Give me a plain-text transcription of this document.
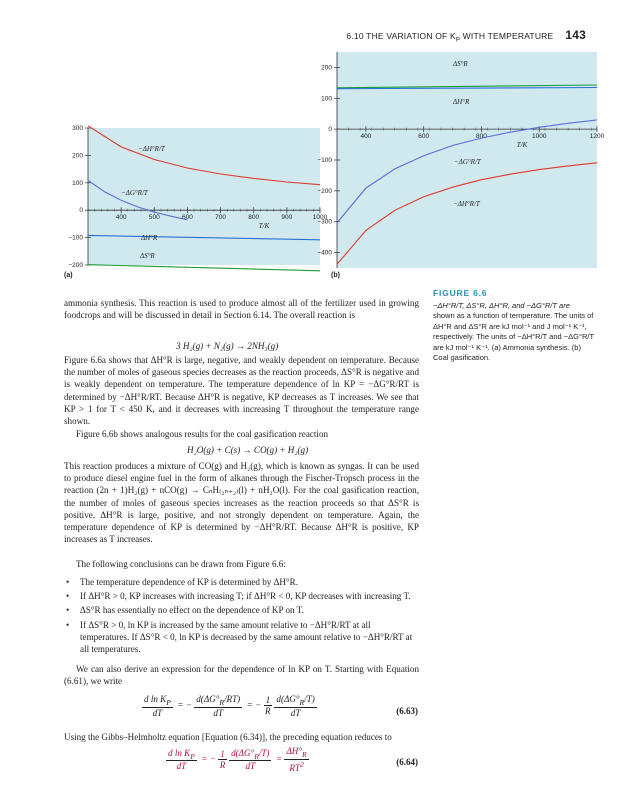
6.10 THE VARIATION OF $K_P$ WITH TEMPERATURE 143
300
200
100
0
−100
−200
400	500	600	700	800	900	1000
T/K
−ΔH°R/T
−ΔG°R/T
ΔH°R
ΔS°R
(a)
200
100
0
−100
−200
−300
−400
400	600	800	1000	1200
T/K
ΔS°R
ΔH°R
−ΔG°R/T
−ΔH°R/T
(b)
FIGURE 6.6
−ΔH°R/T, ΔS°R, ΔH°R, and −ΔG°R/T are
shown as a function of temperature. The units of ΔH°R and ΔS°R are kJ mol⁻¹ and J mol⁻¹ K⁻¹, respectively. The units of −ΔH°R/T and −ΔG°R/T are kJ mol⁻¹ K⁻¹. (a) Ammonia synthesis. (b) Coal gasification.

ammonia synthesis. This reaction is used to produce almost all of the fertilizer used in growing foodcrops and will be discussed in detail in Section 6.14. The overall reaction is

3 H₂(g) + N₂(g) → 2NH₃(g)

Figure 6.6a shows that ΔH°R is large, negative, and weakly dependent on temperature. Because the number of moles of gaseous species decreases as the reaction proceeds, ΔS°R is negative and is weakly dependent on temperature. The temperature dependence of ln KP = −ΔG°R/RT is determined by −ΔH°R/RT. Because ΔH°R is negative, KP decreases as T increases. We see that KP > 1 for T < 450 K, and it decreases with increasing T throughout the temperature range shown.

Figure 6.6b shows analogous results for the coal gasification reaction

H₂O(g) + C(s) → CO(g) + H₂(g)

This reaction produces a mixture of CO(g) and H₂(g), which is known as syngas. It can be used to produce diesel engine fuel in the form of alkanes through the Fischer-Tropsch process in the reaction (2n + 1)H₂(g) + nCO(g) → CₙH₍₂ₙ₊₂₎(l) + nH₂O(l). For the coal gasification reaction, the number of moles of gaseous species increases as the reaction proceeds so that ΔS°R is positive. ΔH°R is large, positive, and not strongly dependent on temperature. Again, the temperature dependence of KP is determined by −ΔH°R/RT. Because ΔH°R is positive, KP increases as T increases.

The following conclusions can be drawn from Figure 6.6:

• The temperature dependence of KP is determined by ΔH°R.
• If ΔH°R > 0, KP increases with increasing T; if ΔH°R < 0, KP decreases with increasing T.
• ΔS°R has essentially no effect on the dependence of KP on T.
• If ΔS°R > 0, ln KP is increased by the same amount relative to −ΔH°R/RT at all temperatures. If ΔS°R < 0, ln KP is decreased by the same amount relative to −ΔH°R/RT at all temperatures.

We can also derive an expression for the dependence of ln KP on T. Starting with Equation (6.61), we write

$\frac{d \ln K_P}{dT}$ = − $\frac{d(\Delta G^\circ_R/RT)}{dT}$ = − $\frac{1}{R}$
$\frac{d(\Delta G^\circ_R/T)}{dT}$	(6.63)

Using the Gibbs–Helmholtz equation [Equation (6.34)], the preceding equation reduces to

$\frac{d \ln K_P}{dT}$ = − $\frac{1}{R}$
$\frac{d(\Delta G^\circ_R/T)}{dT} = \frac{\Delta H^\circ_R}{RT^2}$	(6.64)
